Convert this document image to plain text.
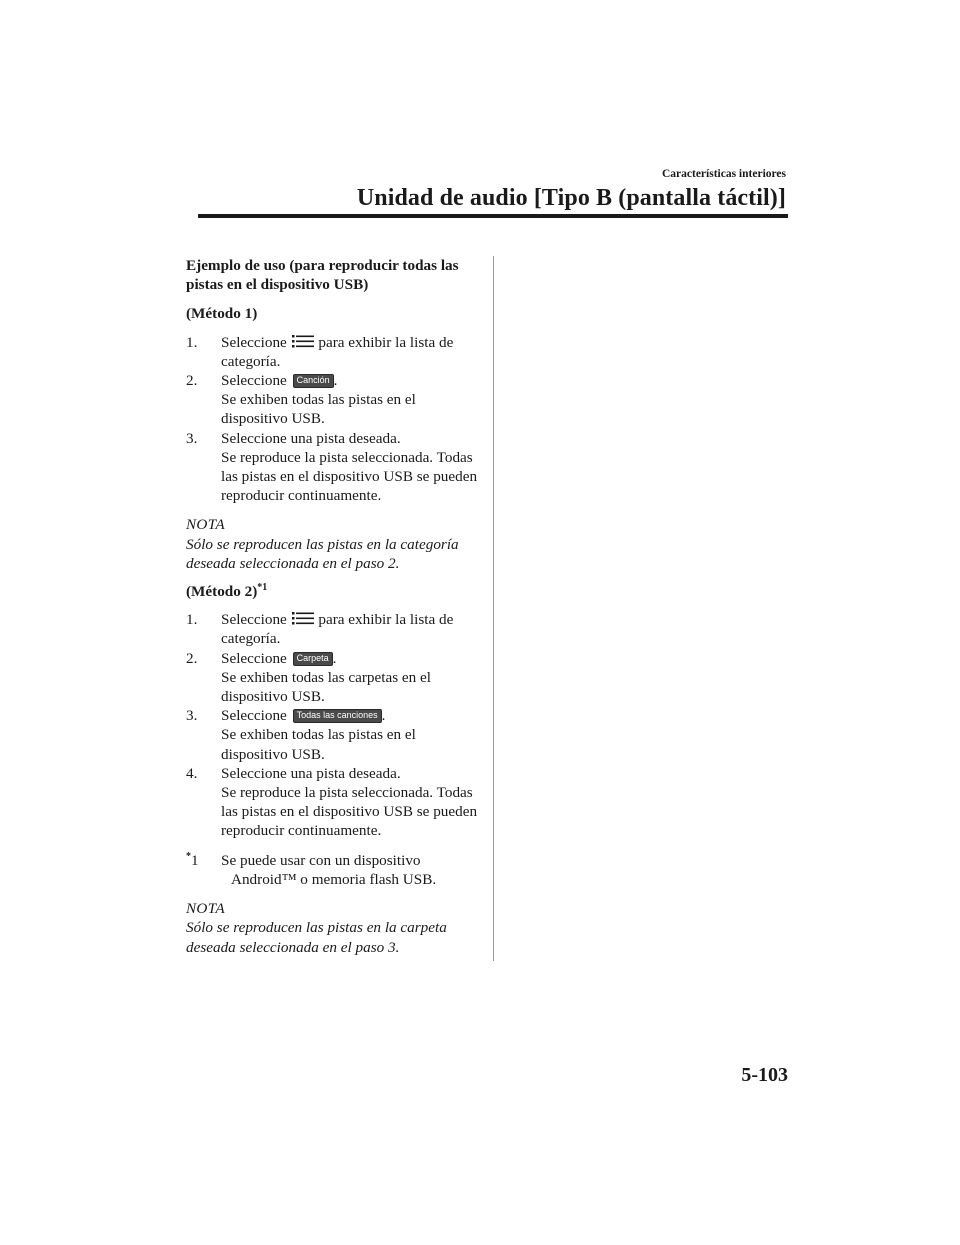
Características interiores
Unidad de audio [Tipo B (pantalla táctil)]
Ejemplo de uso (para reproducir todas las pistas en el dispositivo USB)
(Método 1)
1.	Seleccione para exhibir la lista de categoría.
2.	Seleccione Canción .
Se exhiben todas las pistas en el dispositivo USB.
3.	Seleccione una pista deseada.
Se reproduce la pista seleccionada. Todas las pistas en el dispositivo USB se pueden reproducir continuamente.
NOTA
Sólo se reproducen las pistas en la categoría deseada seleccionada en el paso 2.
(Método 2)$^{*1}$
1.	Seleccione para exhibir la lista de categoría.
2.	Seleccione Carpeta .
Se exhiben todas las carpetas en el dispositivo USB.
3.	Seleccione Todas las canciones .
Se exhiben todas las pistas en el dispositivo USB.
4.	Seleccione una pista deseada.
Se reproduce la pista seleccionada. Todas las pistas en el dispositivo USB se pueden reproducir continuamente.
*1 Se puede usar con un dispositivo Android™ o memoria flash USB.
NOTA
Sólo se reproducen las pistas en la carpeta deseada seleccionada en el paso 3.
5-103
